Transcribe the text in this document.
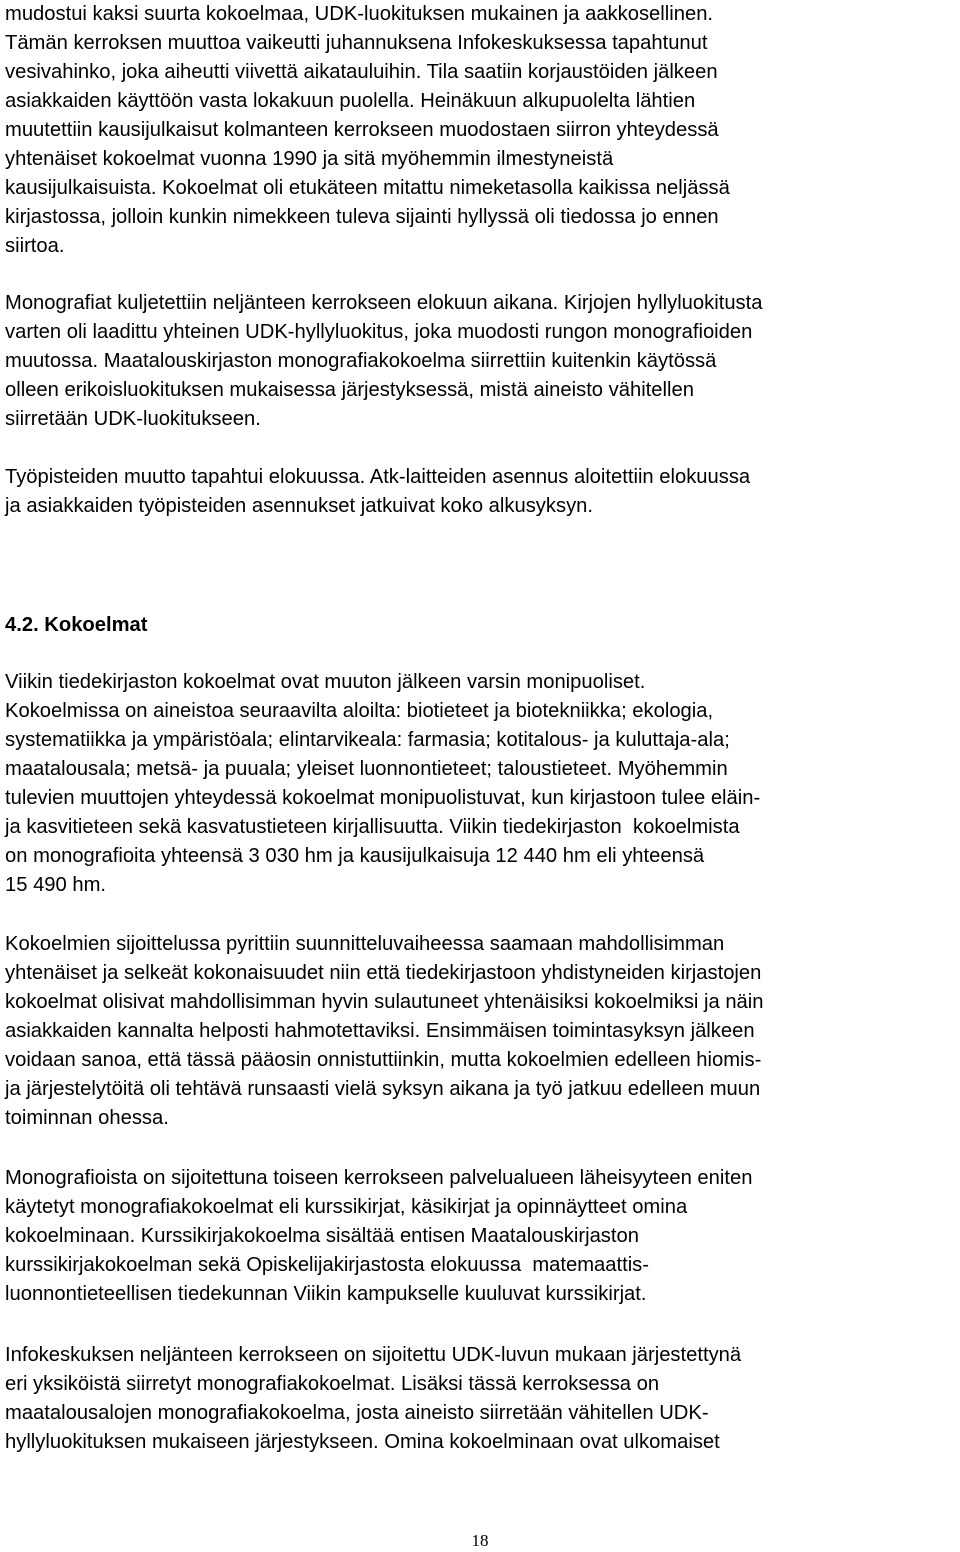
mudostui kaksi suurta kokoelmaa, UDK-luokituksen mukainen ja aakkosellinen.
Tämän kerroksen muuttoa vaikeutti juhannuksena Infokeskuksessa tapahtunut
vesivahinko, joka aiheutti viivettä aikatauluihin. Tila saatiin korjaustöiden jälkeen
asiakkaiden käyttöön vasta lokakuun puolella. Heinäkuun alkupuolelta lähtien
muutettiin kausijulkaisut kolmanteen kerrokseen muodostaen siirron yhteydessä
yhtenäiset kokoelmat vuonna 1990 ja sitä myöhemmin ilmestyneistä
kausijulkaisuista. Kokoelmat oli etukäteen mitattu nimeketasolla kaikissa neljässä
kirjastossa, jolloin kunkin nimekkeen tuleva sijainti hyllyssä oli tiedossa jo ennen
siirtoa.
Monografiat kuljetettiin neljänteen kerrokseen elokuun aikana. Kirjojen hyllyluokitusta
varten oli laadittu yhteinen UDK-hyllyluokitus, joka muodosti rungon monografioiden
muutossa. Maatalouskirjaston monografiakokoelma siirrettiin kuitenkin käytössä
olleen erikoisluokituksen mukaisessa järjestyksessä, mistä aineisto vähitellen
siirretään UDK-luokitukseen.
Työpisteiden muutto tapahtui elokuussa. Atk-laitteiden asennus aloitettiin elokuussa
ja asiakkaiden työpisteiden asennukset jatkuivat koko alkusyksyn.
4.2. Kokoelmat
Viikin tiedekirjaston kokoelmat ovat muuton jälkeen varsin monipuoliset.
Kokoelmissa on aineistoa seuraavilta aloilta: biotieteet ja biotekniikka; ekologia,
systematiikka ja ympäristöala; elintarvikeala: farmasia; kotitalous- ja kuluttaja-ala;
maatalousala; metsä- ja puuala; yleiset luonnontieteet; taloustieteet. Myöhemmin
tulevien muuttojen yhteydessä kokoelmat monipuolistuvat, kun kirjastoon tulee eläin-
ja kasvitieteen sekä kasvatustieteen kirjallisuutta. Viikin tiedekirjaston  kokoelmista
on monografioita yhteensä 3 030 hm ja kausijulkaisuja 12 440 hm eli yhteensä
15 490 hm.
Kokoelmien sijoittelussa pyrittiin suunnitteluvaiheessa saamaan mahdollisimman
yhtenäiset ja selkeät kokonaisuudet niin että tiedekirjastoon yhdistyneiden kirjastojen
kokoelmat olisivat mahdollisimman hyvin sulautuneet yhtenäisiksi kokoelmiksi ja näin
asiakkaiden kannalta helposti hahmotettaviksi. Ensimmäisen toimintasyksyn jälkeen
voidaan sanoa, että tässä pääosin onnistuttiinkin, mutta kokoelmien edelleen hiomis-
ja järjestelytöitä oli tehtävä runsaasti vielä syksyn aikana ja työ jatkuu edelleen muun
toiminnan ohessa.
Monografioista on sijoitettuna toiseen kerrokseen palvelualueen läheisyyteen eniten
käytetyt monografiakokoelmat eli kurssikirjat, käsikirjat ja opinnäytteet omina
kokoelminaan. Kurssikirjakokoelma sisältää entisen Maatalouskirjaston
kurssikirjakokoelman sekä Opiskelijakirjastosta elokuussa  matemaattis-
luonnontieteellisen tiedekunnan Viikin kampukselle kuuluvat kurssikirjat.
Infokeskuksen neljänteen kerrokseen on sijoitettu UDK-luvun mukaan järjestettynä
eri yksiköistä siirretyt monografiakokoelmat. Lisäksi tässä kerroksessa on
maatalousalojen monografiakokoelma, josta aineisto siirretään vähitellen UDK-
hyllyluokituksen mukaiseen järjestykseen. Omina kokoelminaan ovat ulkomaiset
18
